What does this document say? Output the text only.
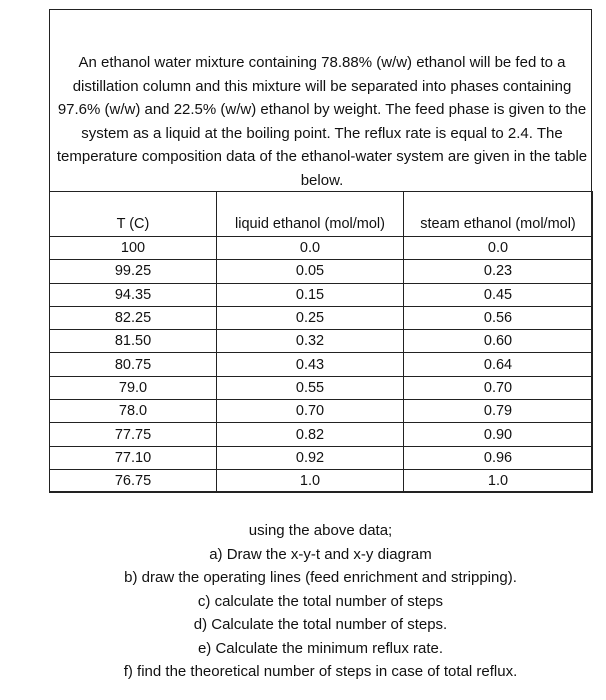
An ethanol water mixture containing 78.88% (w/w) ethanol will be fed to a distillation column and this mixture will be separated into phases containing 97.6% (w/w) and 22.5% (w/w) ethanol by weight. The feed phase is given to the system as a liquid at the boiling point. The reflux rate is equal to 2.4. The temperature composition data of the ethanol-water system are given in the table below.

T (C)	liquid ethanol (mol/mol)	steam ethanol (mol/mol)
100	0.0	0.0
99.25	0.05	0.23
94.35	0.15	0.45
82.25	0.25	0.56
81.50	0.32	0.60
80.75	0.43	0.64
79.0	0.55	0.70
78.0	0.70	0.79
77.75	0.82	0.90
77.10	0.92	0.96
76.75	1.0	1.0
using the above data;
a) Draw the x-y-t and x-y diagram
b) draw the operating lines (feed enrichment and stripping).
c) calculate the total number of steps
d) Calculate the total number of steps.
e) Calculate the minimum reflux rate.
f) find the theoretical number of steps in case of total reflux.
